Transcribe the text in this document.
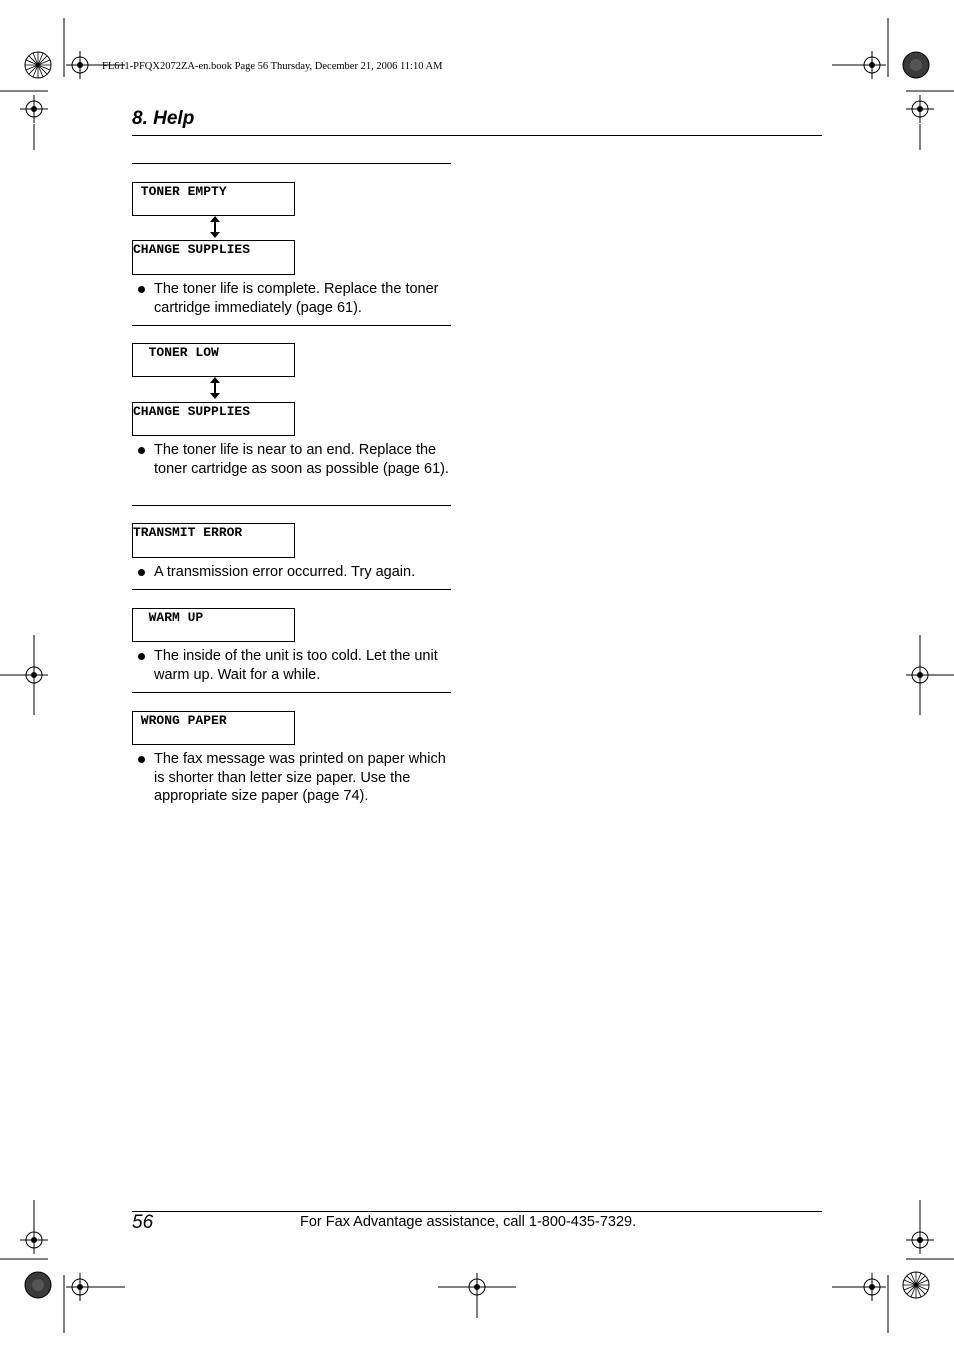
FL611-PFQX2072ZA-en.book Page 56 Thursday, December 21, 2006 11:10 AM
8. Help
TONER EMPTY
CHANGE SUPPLIES
The toner life is complete. Replace the toner cartridge immediately (page 61).
TONER LOW
CHANGE SUPPLIES
The toner life is near to an end. Replace the toner cartridge as soon as possible (page 61).
TRANSMIT ERROR
A transmission error occurred. Try again.
WARM UP
The inside of the unit is too cold. Let the unit warm up. Wait for a while.
WRONG PAPER
The fax message was printed on paper which is shorter than letter size paper. Use the appropriate size paper (page 74).
56	For Fax Advantage assistance, call 1-800-435-7329.
